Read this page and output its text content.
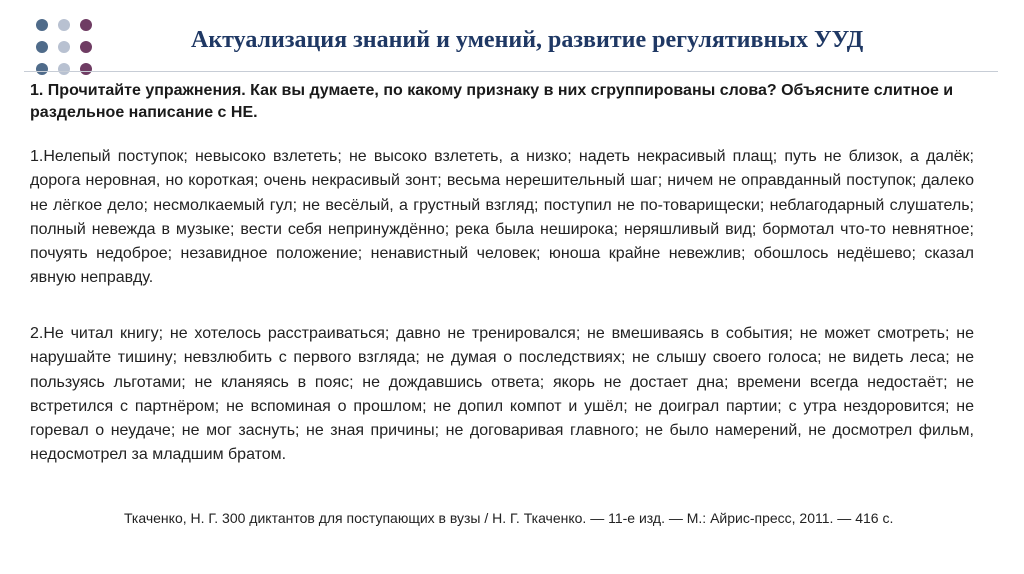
Актуализация знаний и умений, развитие регулятивных УУД
1. Прочитайте упражнения. Как вы думаете, по какому признаку в них сгруппированы слова? Объясните слитное и раздельное написание с НЕ.
1.Нелепый поступок; невысоко взлететь; не высоко взлететь, а низко; надеть некрасивый плащ; путь не близок, а далёк; дорога неровная, но короткая; очень некрасивый зонт; весьма нерешительный шаг; ничем не оправданный поступок; далеко не лёгкое дело; несмолкаемый гул; не весёлый, а грустный взгляд; поступил не по-товарищески; неблагодарный слушатель; полный невежда в музыке; вести себя непринуждённо; река была неширока; неряшливый вид; бормотал что-то невнятное; почуять недоброе; незавидное положение; ненавистный человек; юноша крайне невежлив; обошлось недёшево; сказал явную неправду.
2.Не читал книгу; не хотелось расстраиваться; давно не тренировался; не вмешиваясь в события; не может смотреть; не нарушайте тишину; невзлюбить с первого взгляда; не думая о последствиях; не слышу своего голоса; не видеть леса; не пользуясь льготами; не кланяясь в пояс; не дождавшись ответа; якорь не достает дна; времени всегда недостаёт; не встретился с партнёром; не вспоминая о прошлом; не допил компот и ушёл; не доиграл партии; с утра нездоровится; не горевал о неудаче; не мог заснуть; не зная причины; не договаривая главного; не было намерений, не досмотрел фильм, недосмотрел за младшим братом.
Ткаченко, Н. Г. 300 диктантов для поступающих в вузы / Н. Г. Ткаченко. — 11-е изд. — М.: Айрис-пресс, 2011. — 416 с.
